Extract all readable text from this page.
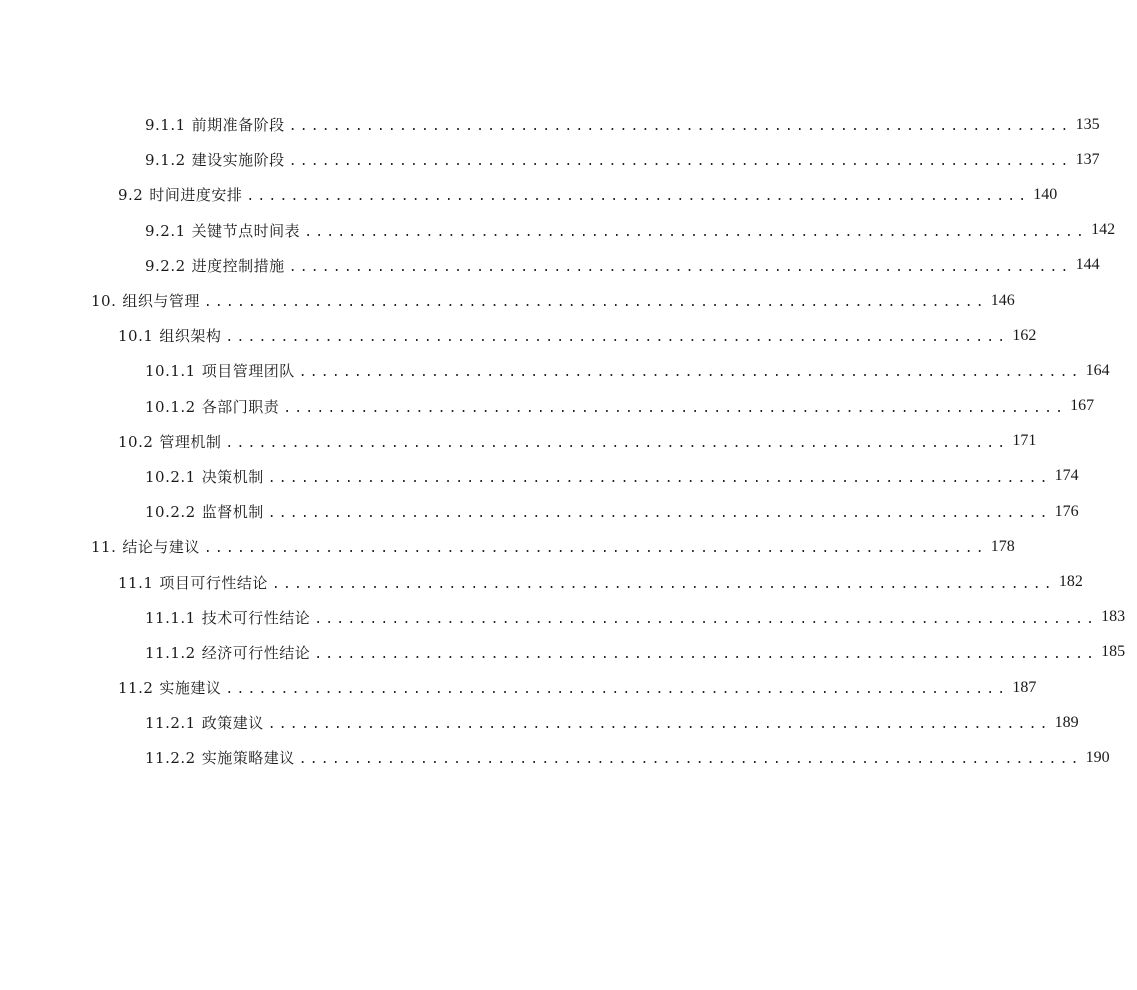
9.1.1 前期准备阶段 ....................................................................... 135
9.1.2 建设实施阶段 ....................................................................... 137
9.2 时间进度安排 ....................................................................... 140
9.2.1 关键节点时间表 ....................................................................... 142
9.2.2 进度控制措施 ....................................................................... 144
10. 组织与管理 ....................................................................... 146
10.1 组织架构 ....................................................................... 162
10.1.1 项目管理团队 ....................................................................... 164
10.1.2 各部门职责 ....................................................................... 167
10.2 管理机制 ....................................................................... 171
10.2.1 决策机制 ....................................................................... 174
10.2.2 监督机制 ....................................................................... 176
11. 结论与建议 ....................................................................... 178
11.1 项目可行性结论 ....................................................................... 182
11.1.1 技术可行性结论 ....................................................................... 183
11.1.2 经济可行性结论 ....................................................................... 185
11.2 实施建议 ....................................................................... 187
11.2.1 政策建议 ....................................................................... 189
11.2.2 实施策略建议 ....................................................................... 190
